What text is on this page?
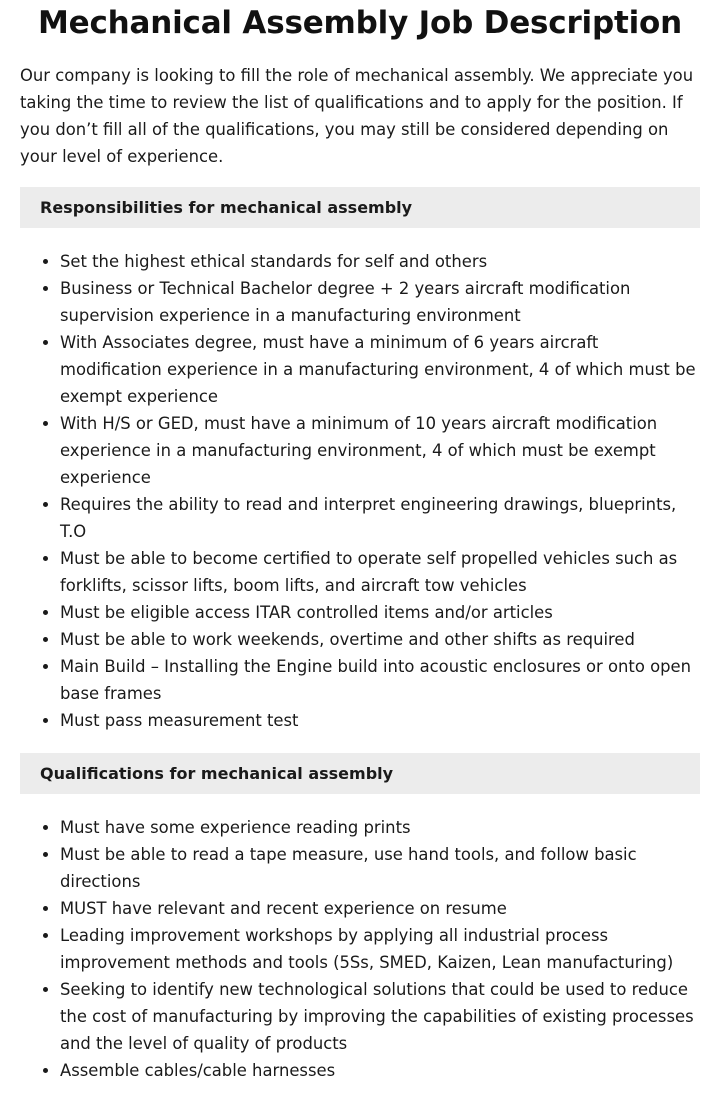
Mechanical Assembly Job Description

Our company is looking to fill the role of mechanical assembly. We appreciate you taking the time to review the list of qualifications and to apply for the position. If you don’t fill all of the qualifications, you may still be considered depending on your level of experience.

Responsibilities for mechanical assembly
• Set the highest ethical standards for self and others
• Business or Technical Bachelor degree + 2 years aircraft modification supervision experience in a manufacturing environment
• With Associates degree, must have a minimum of 6 years aircraft modification experience in a manufacturing environment, 4 of which must be exempt experience
• With H/S or GED, must have a minimum of 10 years aircraft modification experience in a manufacturing environment, 4 of which must be exempt experience
• Requires the ability to read and interpret engineering drawings, blueprints, T.O
• Must be able to become certified to operate self propelled vehicles such as forklifts, scissor lifts, boom lifts, and aircraft tow vehicles
• Must be eligible access ITAR controlled items and/or articles
• Must be able to work weekends, overtime and other shifts as required
• Main Build – Installing the Engine build into acoustic enclosures or onto open base frames
• Must pass measurement test
Qualifications for mechanical assembly
• Must have some experience reading prints
• Must be able to read a tape measure, use hand tools, and follow basic directions
• MUST have relevant and recent experience on resume
• Leading improvement workshops by applying all industrial process improvement methods and tools (5Ss, SMED, Kaizen, Lean manufacturing)
• Seeking to identify new technological solutions that could be used to reduce the cost of manufacturing by improving the capabilities of existing processes and the level of quality of products
• Assemble cables/cable harnesses
